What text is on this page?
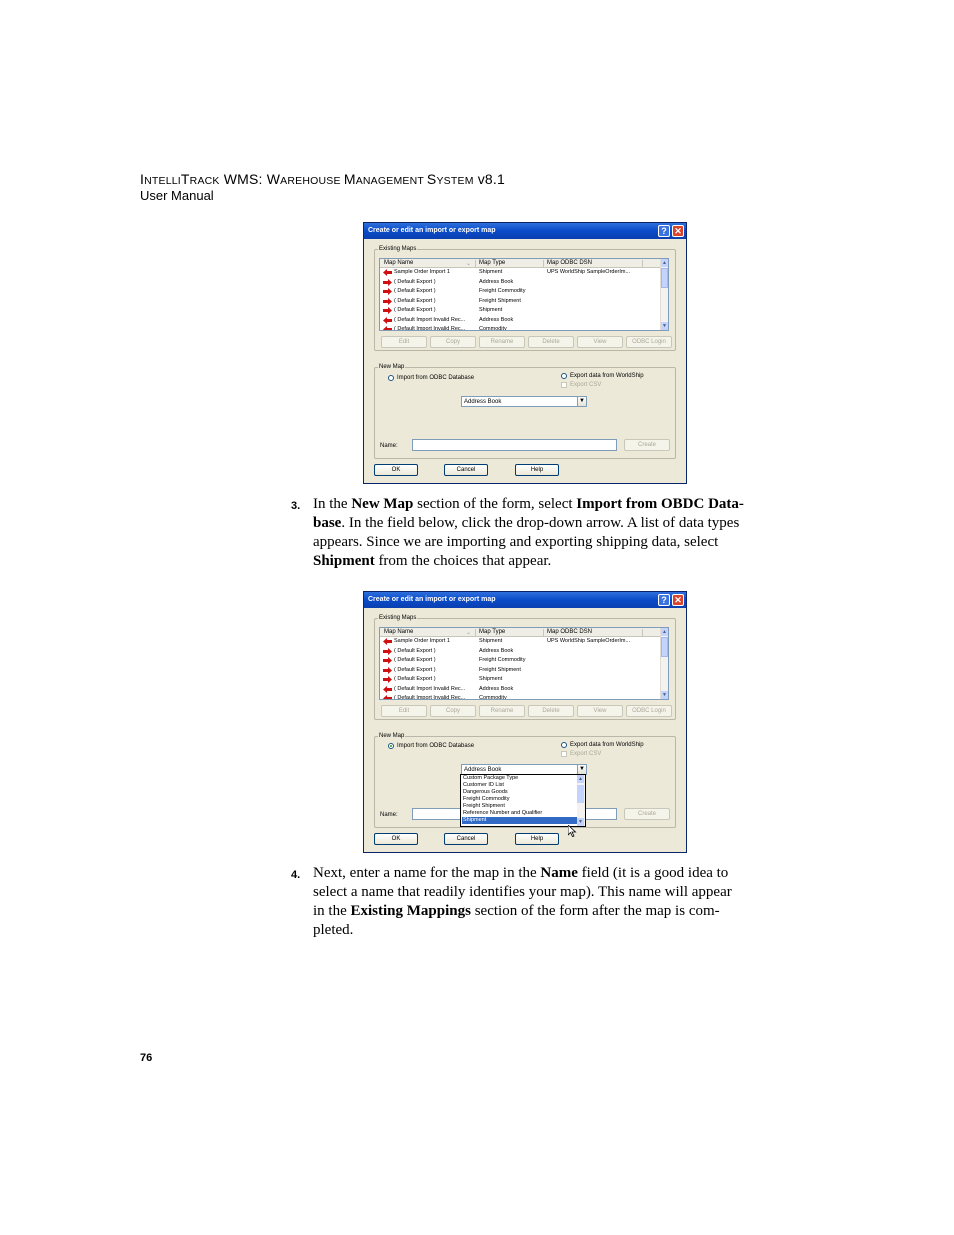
INTELLITRACK WMS: WAREHOUSE MANAGEMENT SYSTEM v8.1
User Manual
Create or edit an import or export map	? ✕
Existing Maps
Map Name	⌄ Map Type	Map ODBC DSN
Sample Order Import 1	Shipment	UPS WorldShip SampleOrderIm...
( Default Export )	Address Book
( Default Export )	Freight Commodity
( Default Export )	Freight Shipment
( Default Export )	Shipment
( Default Import Invalid Rec...	Address Book
( Default Import Invalid Rec...	Commodity
▲
▼
Edit	Copy	Rename	Delete	View	ODBC Login
New Map
Import from ODBC Database	Export data from WorldShip
Export CSV
Address Book	▼
Name:	Create
OK	Cancel	Help
3. In the New Map section of the form, select Import from OBDC Data-
base. In the field below, click the drop-down arrow. A list of data types
appears. Since we are importing and exporting shipping data, select
Shipment from the choices that appear.
Create or edit an import or export map	? ✕
Existing Maps
Map Name	⌄ Map Type	Map ODBC DSN
Sample Order Import 1	Shipment	UPS WorldShip SampleOrderIm...
( Default Export )	Address Book
( Default Export )	Freight Commodity
( Default Export )	Freight Shipment
( Default Export )	Shipment
( Default Import Invalid Rec...	Address Book
( Default Import Invalid Rec...	Commodity
▲
▼
Edit	Copy	Rename	Delete	View	ODBC Login
New Map
Import from ODBC Database	Export data from WorldShip
Export CSV
Address Book	▼
Name:	Create
Custom Package Type
Customer ID List
Dangerous Goods
Freight Commodity
Freight Shipment
Reference Number and Qualifier
Shipment
▲
▼
OK	Cancel	Help
4. Next, enter a name for the map in the Name field (it is a good idea to
select a name that readily identifies your map). This name will appear
in the Existing Mappings section of the form after the map is com-
pleted.
76
